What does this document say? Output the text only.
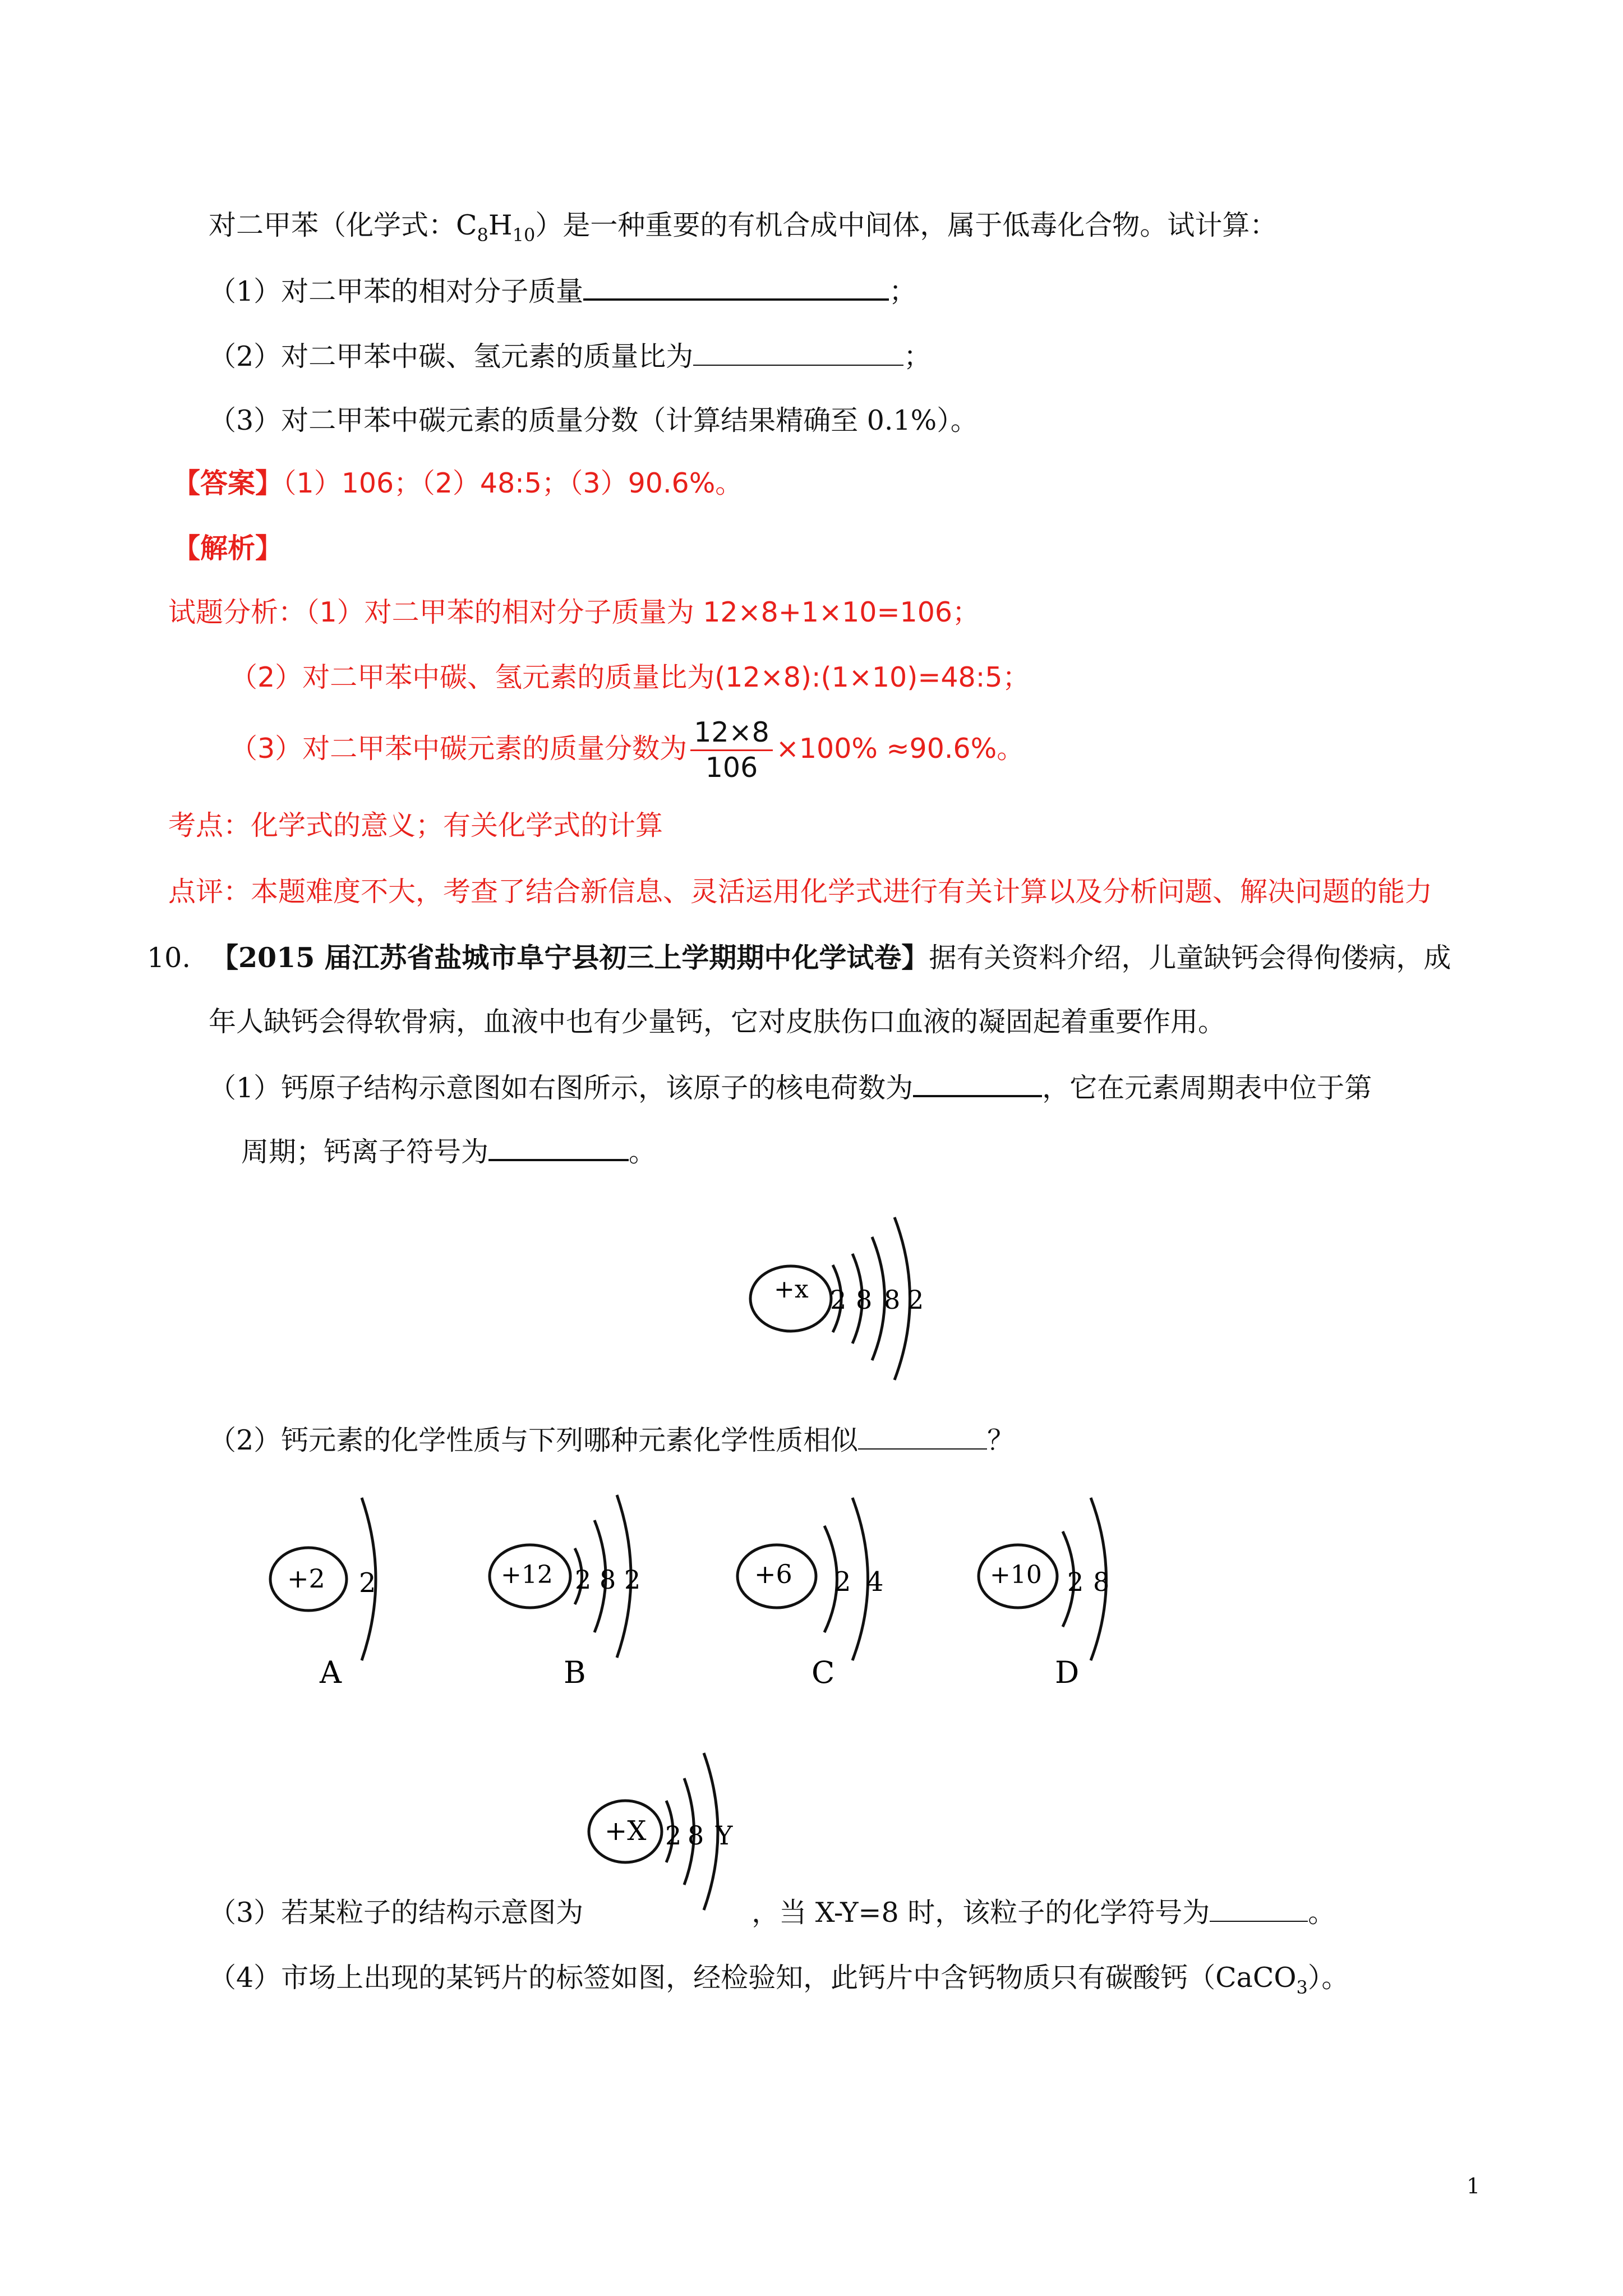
对二甲苯（化学式：$C_8H_{10}$）是一种重要的有机合成中间体，属于低毒化合物。试计算：
（1）对二甲苯的相对分子质量	；
（2）对二甲苯中碳、氢元素的质量比为	；
（3）对二甲苯中碳元素的质量分数（计算结果精确至 0.1%）。
【答案】（1）106；（2）48:5；（3）90.6%。
【解析】
试题分析：（1）对二甲苯的相对分子质量为 12×8+1×10=106；
（2）对二甲苯中碳、氢元素的质量比为(12×8):(1×10)=48:5；
（3）对二甲苯中碳元素的质量分数为 $\frac{12\times 8}{106} \times 100\% \approx 90.6\%$。
考点：化学式的意义；有关化学式的计算
点评：本题难度不大，考查了结合新信息、灵活运用化学式进行有关计算以及分析问题、解决问题的能力
10. 【2015 届江苏省盐城市阜宁县初三上学期期中化学试卷】据有关资料介绍，儿童缺钙会得佝偻病，成
年人缺钙会得软骨病，血液中也有少量钙，它对皮肤伤口血液的凝固起着重要作用。
（1）钙原子结构示意图如右图所示，该原子的核电荷数为	，它在元素周期表中位于第
周期；钙离子符号为	。
+x 2 8 8 2
（2）钙元素的化学性质与下列哪种元素化学性质相似	？
+2 2
A
+12 2 8 2
B
+6 2 4
C
+10 2 8
D
+X 2 8 Y
（3）若某粒子的结构示意图为	，当 X-Y=8 时，该粒子的化学符号为	。
（4）市场上出现的某钙片的标签如图，经检验知，此钙片中含钙物质只有碳酸钙（CaCO$_3$）。
1
